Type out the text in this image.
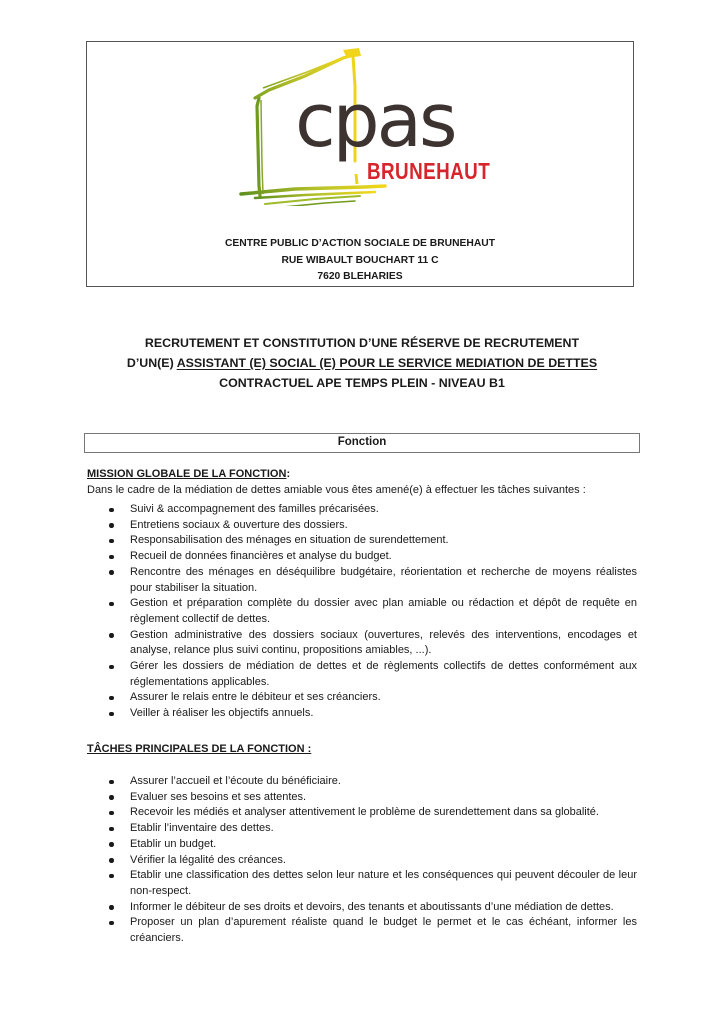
cpas
BRUNEHAUT
CENTRE PUBLIC D’ACTION SOCIALE DE BRUNEHAUT
RUE WIBAULT BOUCHART 11 C
7620 BLEHARIES
RECRUTEMENT ET CONSTITUTION D’UNE RÉSERVE DE RECRUTEMENT
D’UN(E) ASSISTANT (E) SOCIAL (E) POUR LE SERVICE MEDIATION DE DETTES
CONTRACTUEL APE TEMPS PLEIN - NIVEAU B1
Fonction
MISSION GLOBALE DE LA FONCTION:
Dans le cadre de la médiation de dettes amiable vous êtes amené(e) à effectuer les tâches suivantes :
Suivi & accompagnement des familles précarisées.
Entretiens sociaux & ouverture des dossiers.
Responsabilisation des ménages en situation de surendettement.
Recueil de données financières et analyse du budget.
Rencontre des ménages en déséquilibre budgétaire, réorientation et recherche de moyens réalistes pour stabiliser la situation.
Gestion et préparation complète du dossier avec plan amiable ou rédaction et dépôt de requête en règlement collectif de dettes.
Gestion administrative des dossiers sociaux (ouvertures, relevés des interventions, encodages et analyse, relance plus suivi continu, propositions amiables, ...).
Gérer les dossiers de médiation de dettes et de règlements collectifs de dettes conformément aux réglementations applicables.
Assurer le relais entre le débiteur et ses créanciers.
Veiller à réaliser les objectifs annuels.
TÂCHES PRINCIPALES DE LA FONCTION :
Assurer l’accueil et l’écoute du bénéficiaire.
Evaluer ses besoins et ses attentes.
Recevoir les médiés et analyser attentivement le problème de surendettement dans sa globalité.
Etablir l’inventaire des dettes.
Etablir un budget.
Vérifier la légalité des créances.
Etablir une classification des dettes selon leur nature et les conséquences qui peuvent découler de leur non-respect.
Informer le débiteur de ses droits et devoirs, des tenants et aboutissants d’une médiation de dettes.
Proposer un plan d’apurement réaliste quand le budget le permet et le cas échéant, informer les créanciers.
